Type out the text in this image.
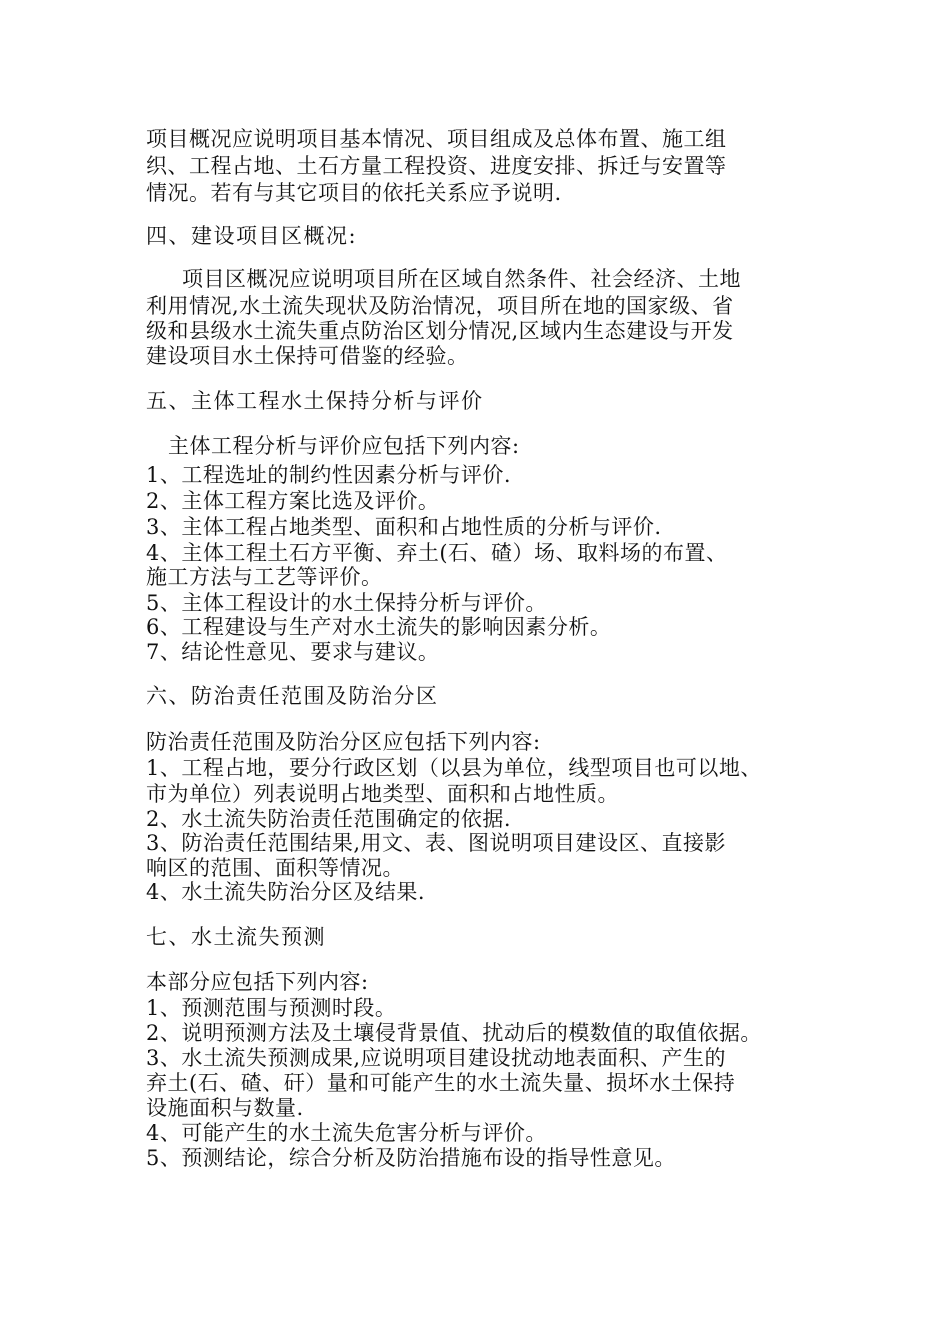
项目概况应说明项目基本情况、项目组成及总体布置、施工组
织、工程占地、土石方量工程投资、进度安排、拆迁与安置等
情况。若有与其它项目的依托关系应予说明.
四、建设项目区概况:
项目区概况应说明项目所在区域自然条件、社会经济、土地
利用情况,水土流失现状及防治情况，项目所在地的国家级、省
级和县级水土流失重点防治区划分情况,区域内生态建设与开发
建设项目水土保持可借鉴的经验。
五、主体工程水土保持分析与评价
主体工程分析与评价应包括下列内容:
1、工程选址的制约性因素分析与评价.
2、主体工程方案比选及评价。
3、主体工程占地类型、面积和占地性质的分析与评价.
4、主体工程土石方平衡、弃土(石、碴）场、取料场的布置、
施工方法与工艺等评价。
5、主体工程设计的水土保持分析与评价。
6、工程建设与生产对水土流失的影响因素分析。
7、结论性意见、要求与建议。
六、防治责任范围及防治分区
防治责任范围及防治分区应包括下列内容:
1、工程占地，要分行政区划（以县为单位，线型项目也可以地、
市为单位）列表说明占地类型、面积和占地性质。
2、水土流失防治责任范围确定的依据.
3、防治责任范围结果,用文、表、图说明项目建设区、直接影
响区的范围、面积等情况。
4、水土流失防治分区及结果.
七、水土流失预测
本部分应包括下列内容:
1、预测范围与预测时段。
2、说明预测方法及土壤侵背景值、扰动后的模数值的取值依据。
3、水土流失预测成果,应说明项目建设扰动地表面积、产生的
弃土(石、碴、矸）量和可能产生的水土流失量、损坏水土保持
设施面积与数量.
4、可能产生的水土流失危害分析与评价。
5、预测结论，综合分析及防治措施布设的指导性意见。
